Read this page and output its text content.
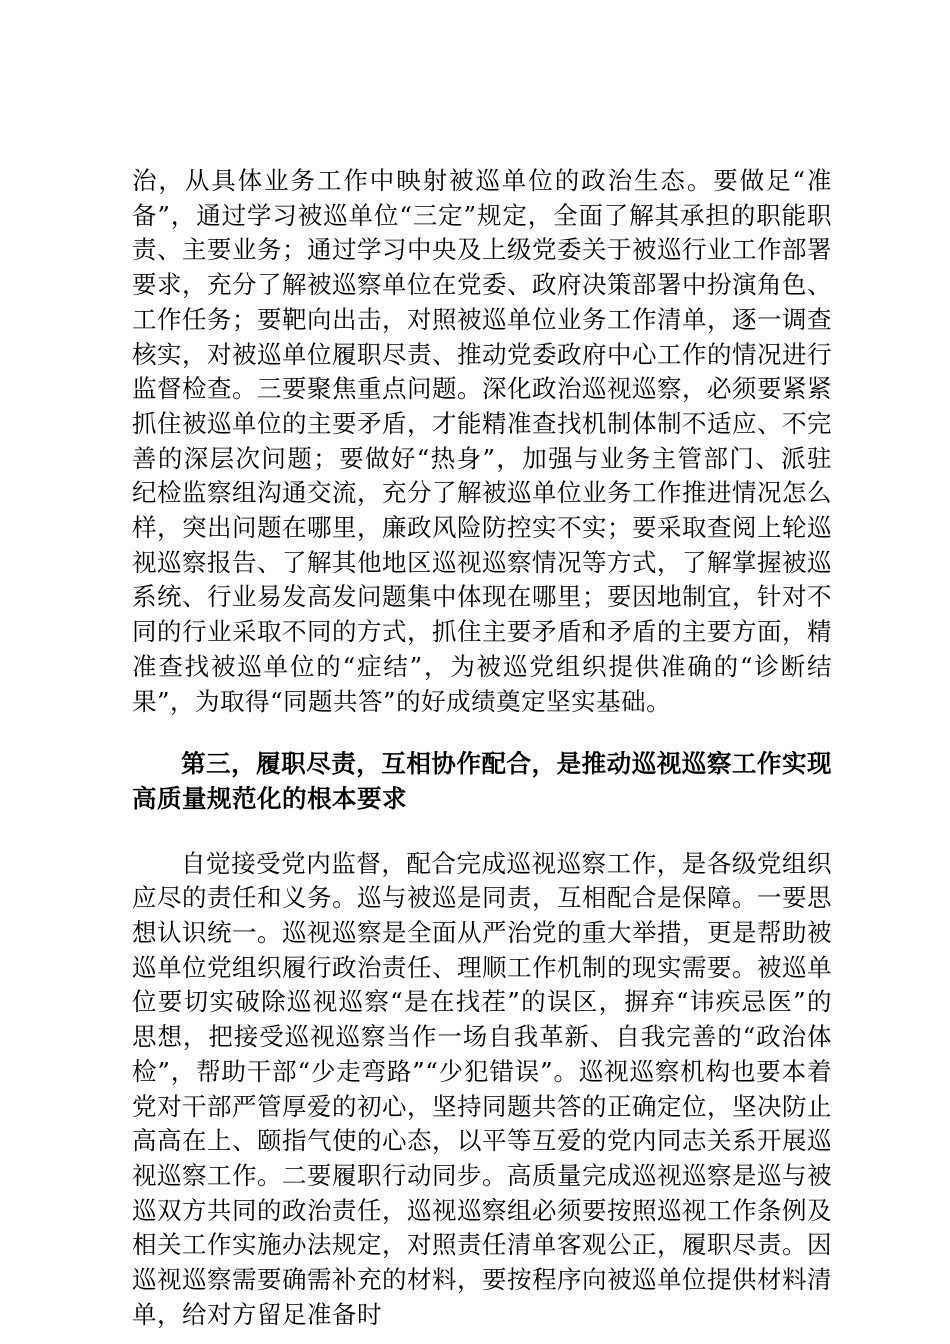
治，从具体业务工作中映射被巡单位的政治生态。要做足“准备”，通过学习被巡单位“三定”规定，全面了解其承担的职能职责、主要业务；通过学习中央及上级党委关于被巡行业工作部署要求，充分了解被巡察单位在党委、政府决策部署中扮演角色、工作任务；要靶向出击，对照被巡单位业务工作清单，逐一调查核实，对被巡单位履职尽责、推动党委政府中心工作的情况进行监督检查。三要聚焦重点问题。深化政治巡视巡察，必须要紧紧抓住被巡单位的主要矛盾，才能精准查找机制体制不适应、不完善的深层次问题；要做好“热身”，加强与业务主管部门、派驻纪检监察组沟通交流，充分了解被巡单位业务工作推进情况怎么样，突出问题在哪里，廉政风险防控实不实；要采取查阅上轮巡视巡察报告、了解其他地区巡视巡察情况等方式，了解掌握被巡系统、行业易发高发问题集中体现在哪里；要因地制宜，针对不同的行业采取不同的方式，抓住主要矛盾和矛盾的主要方面，精准查找被巡单位的“症结”，为被巡党组织提供准确的“诊断结果”，为取得“同题共答”的好成绩奠定坚实基础。

第三，履职尽责，互相协作配合，是推动巡视巡察工作实现高质量规范化的根本要求

自觉接受党内监督，配合完成巡视巡察工作，是各级党组织应尽的责任和义务。巡与被巡是同责，互相配合是保障。一要思想认识统一。巡视巡察是全面从严治党的重大举措，更是帮助被巡单位党组织履行政治责任、理顺工作机制的现实需要。被巡单位要切实破除巡视巡察“是在找茬”的误区，摒弃“讳疾忌医”的思想，把接受巡视巡察当作一场自我革新、自我完善的“政治体检”，帮助干部“少走弯路”“少犯错误”。巡视巡察机构也要本着党对干部严管厚爱的初心，坚持同题共答的正确定位，坚决防止高高在上、颐指气使的心态，以平等互爱的党内同志关系开展巡视巡察工作。二要履职行动同步。高质量完成巡视巡察是巡与被巡双方共同的政治责任，巡视巡察组必须要按照巡视工作条例及相关工作实施办法规定，对照责任清单客观公正，履职尽责。因巡视巡察需要确需补充的材料，要按程序向被巡单位提供材料清单，给对方留足准备时
